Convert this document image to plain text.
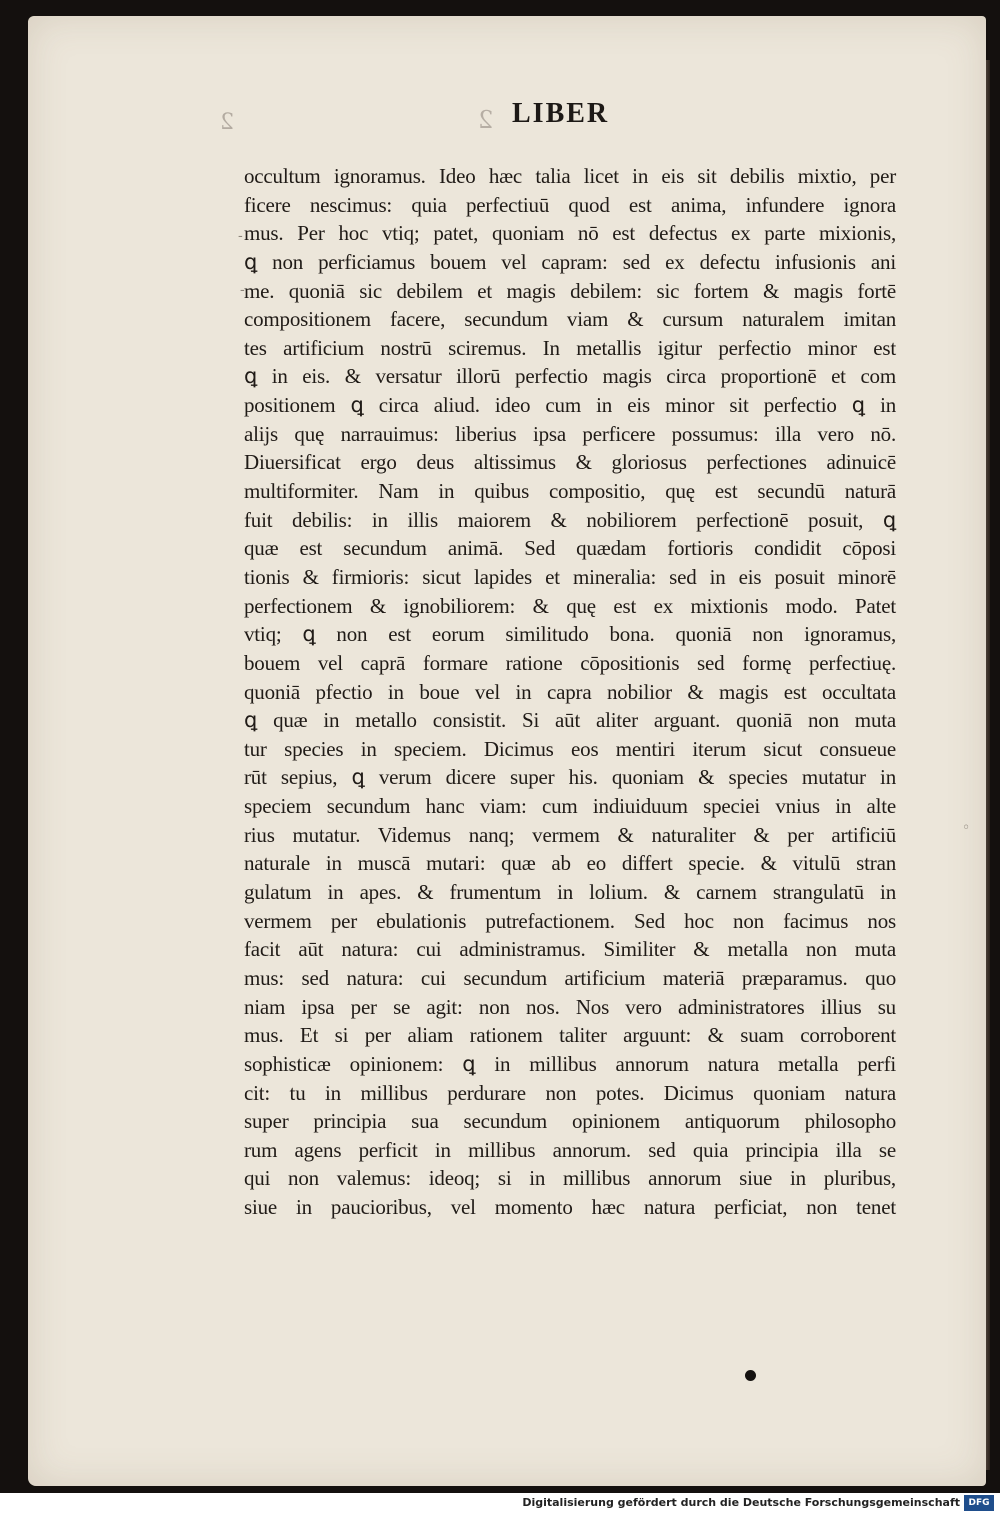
2	2 LIBER
occultum ignoramus. Ideo hæc talia licet in eis sit debilis mixtio, per
ficere nescimus: quia perfectiuū quod est anima, infundere ignora
mus. Per hoc vtiq; patet, quoniam nō est defectus ex parte mixionis,
ꝗ non perficiamus bouem vel capram: sed ex defectu infusionis ani
me. quoniā sic debilem et magis debilem: sic fortem & magis fortē
compositionem facere, secundum viam & cursum naturalem imitan
tes artificium nostrū sciremus. In metallis igitur perfectio minor est
ꝗ in eis. & versatur illorū perfectio magis circa proportionē et com
positionem ꝗ circa aliud. ideo cum in eis minor sit perfectio ꝗ in
alijs quę narrauimus: liberius ipsa perficere possumus: illa vero nō.
Diuersificat ergo deus altissimus & gloriosus perfectiones adinuicē
multiformiter. Nam in quibus compositio, quę est secundū naturā
fuit debilis: in illis maiorem & nobiliorem perfectionē posuit, ꝗ
quæ est secundum animā. Sed quædam fortioris condidit cōposi
tionis & firmioris: sicut lapides et mineralia: sed in eis posuit minorē
perfectionem & ignobiliorem: & quę est ex mixtionis modo. Patet
vtiq; ꝗ non est eorum similitudo bona. quoniā non ignoramus,
bouem vel caprā formare ratione cōpositionis sed formę perfectiuę.
quoniā pfectio in boue vel in capra nobilior & magis est occultata
ꝗ quæ in metallo consistit. Si aūt aliter arguant. quoniā non muta
tur species in speciem. Dicimus eos mentiri iterum sicut consueue
rūt sepius, ꝗ verum dicere super his. quoniam & species mutatur in
speciem secundum hanc viam: cum indiuiduum speciei vnius in alte
rius mutatur. Videmus nanq; vermem & naturaliter & per artificiū
naturale in muscā mutari: quæ ab eo differt specie. & vitulū stran
gulatum in apes. & frumentum in lolium. & carnem strangulatū in
vermem per ebulationis putrefactionem. Sed hoc non facimus nos
facit aūt natura: cui administramus. Similiter & metalla non muta
mus: sed natura: cui secundum artificium materiā præparamus. quo
niam ipsa per se agit: non nos. Nos vero administratores illius su
mus. Et si per aliam rationem taliter arguunt: & suam corroborent
sophisticæ opinionem: ꝗ in millibus annorum natura metalla perfi
cit: tu in millibus perdurare non potes. Dicimus quoniam natura
super principia sua secundum opinionem antiquorum philosopho
rum agens perficit in millibus annorum. sed quia principia illa se
qui non valemus: ideoq; si in millibus annorum siue in pluribus,
siue in paucioribus, vel momento hæc natura perficiat, non tenet
-
-
◦
Digitalisierung gefördert durch die Deutsche Forschungsgemeinschaft DFG
